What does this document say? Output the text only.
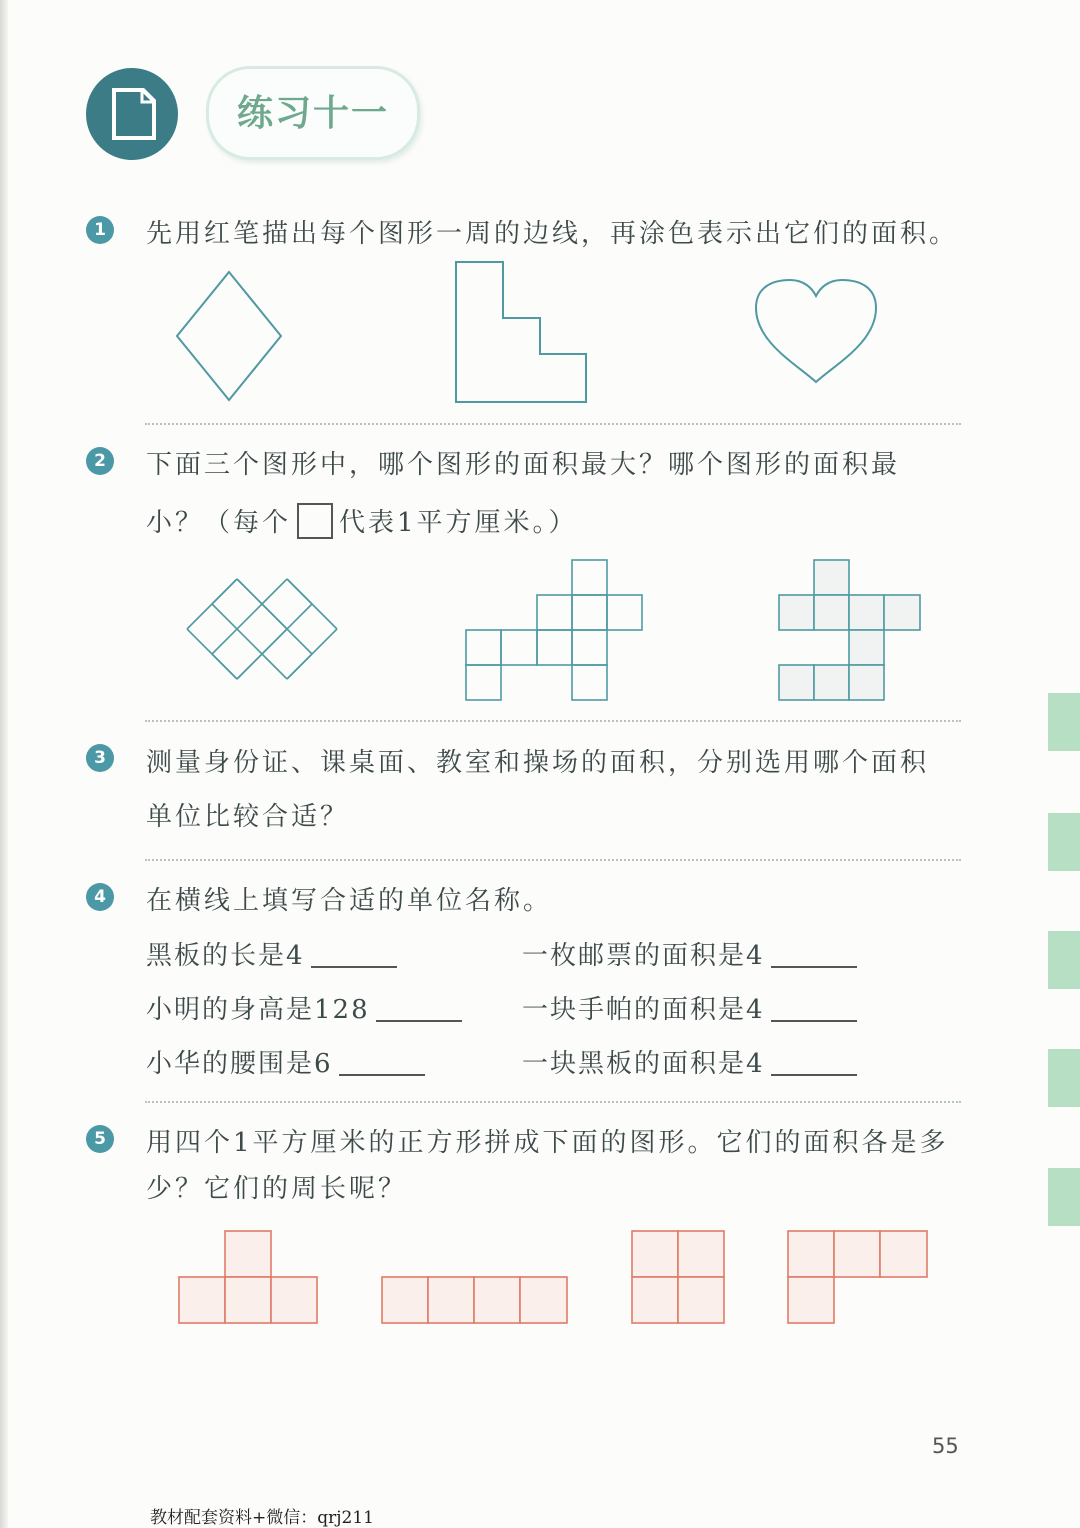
练习十一
1	先用红笔描出每个图形一周的边线，再涂色表示出它们的面积。
2	下面三个图形中，哪个图形的面积最大？哪个图形的面积最
小？（每个 代表1平方厘米。）
3	测量身份证、课桌面、教室和操场的面积，分别选用哪个面积
单位比较合适？
4	在横线上填写合适的单位名称。
黑板的长是4	一枚邮票的面积是4
小明的身高是128	一块手帕的面积是4
小华的腰围是6	一块黑板的面积是4
5	用四个1平方厘米的正方形拼成下面的图形。它们的面积各是多
少？它们的周长呢？
55
教材配套资料+微信：qrj211
